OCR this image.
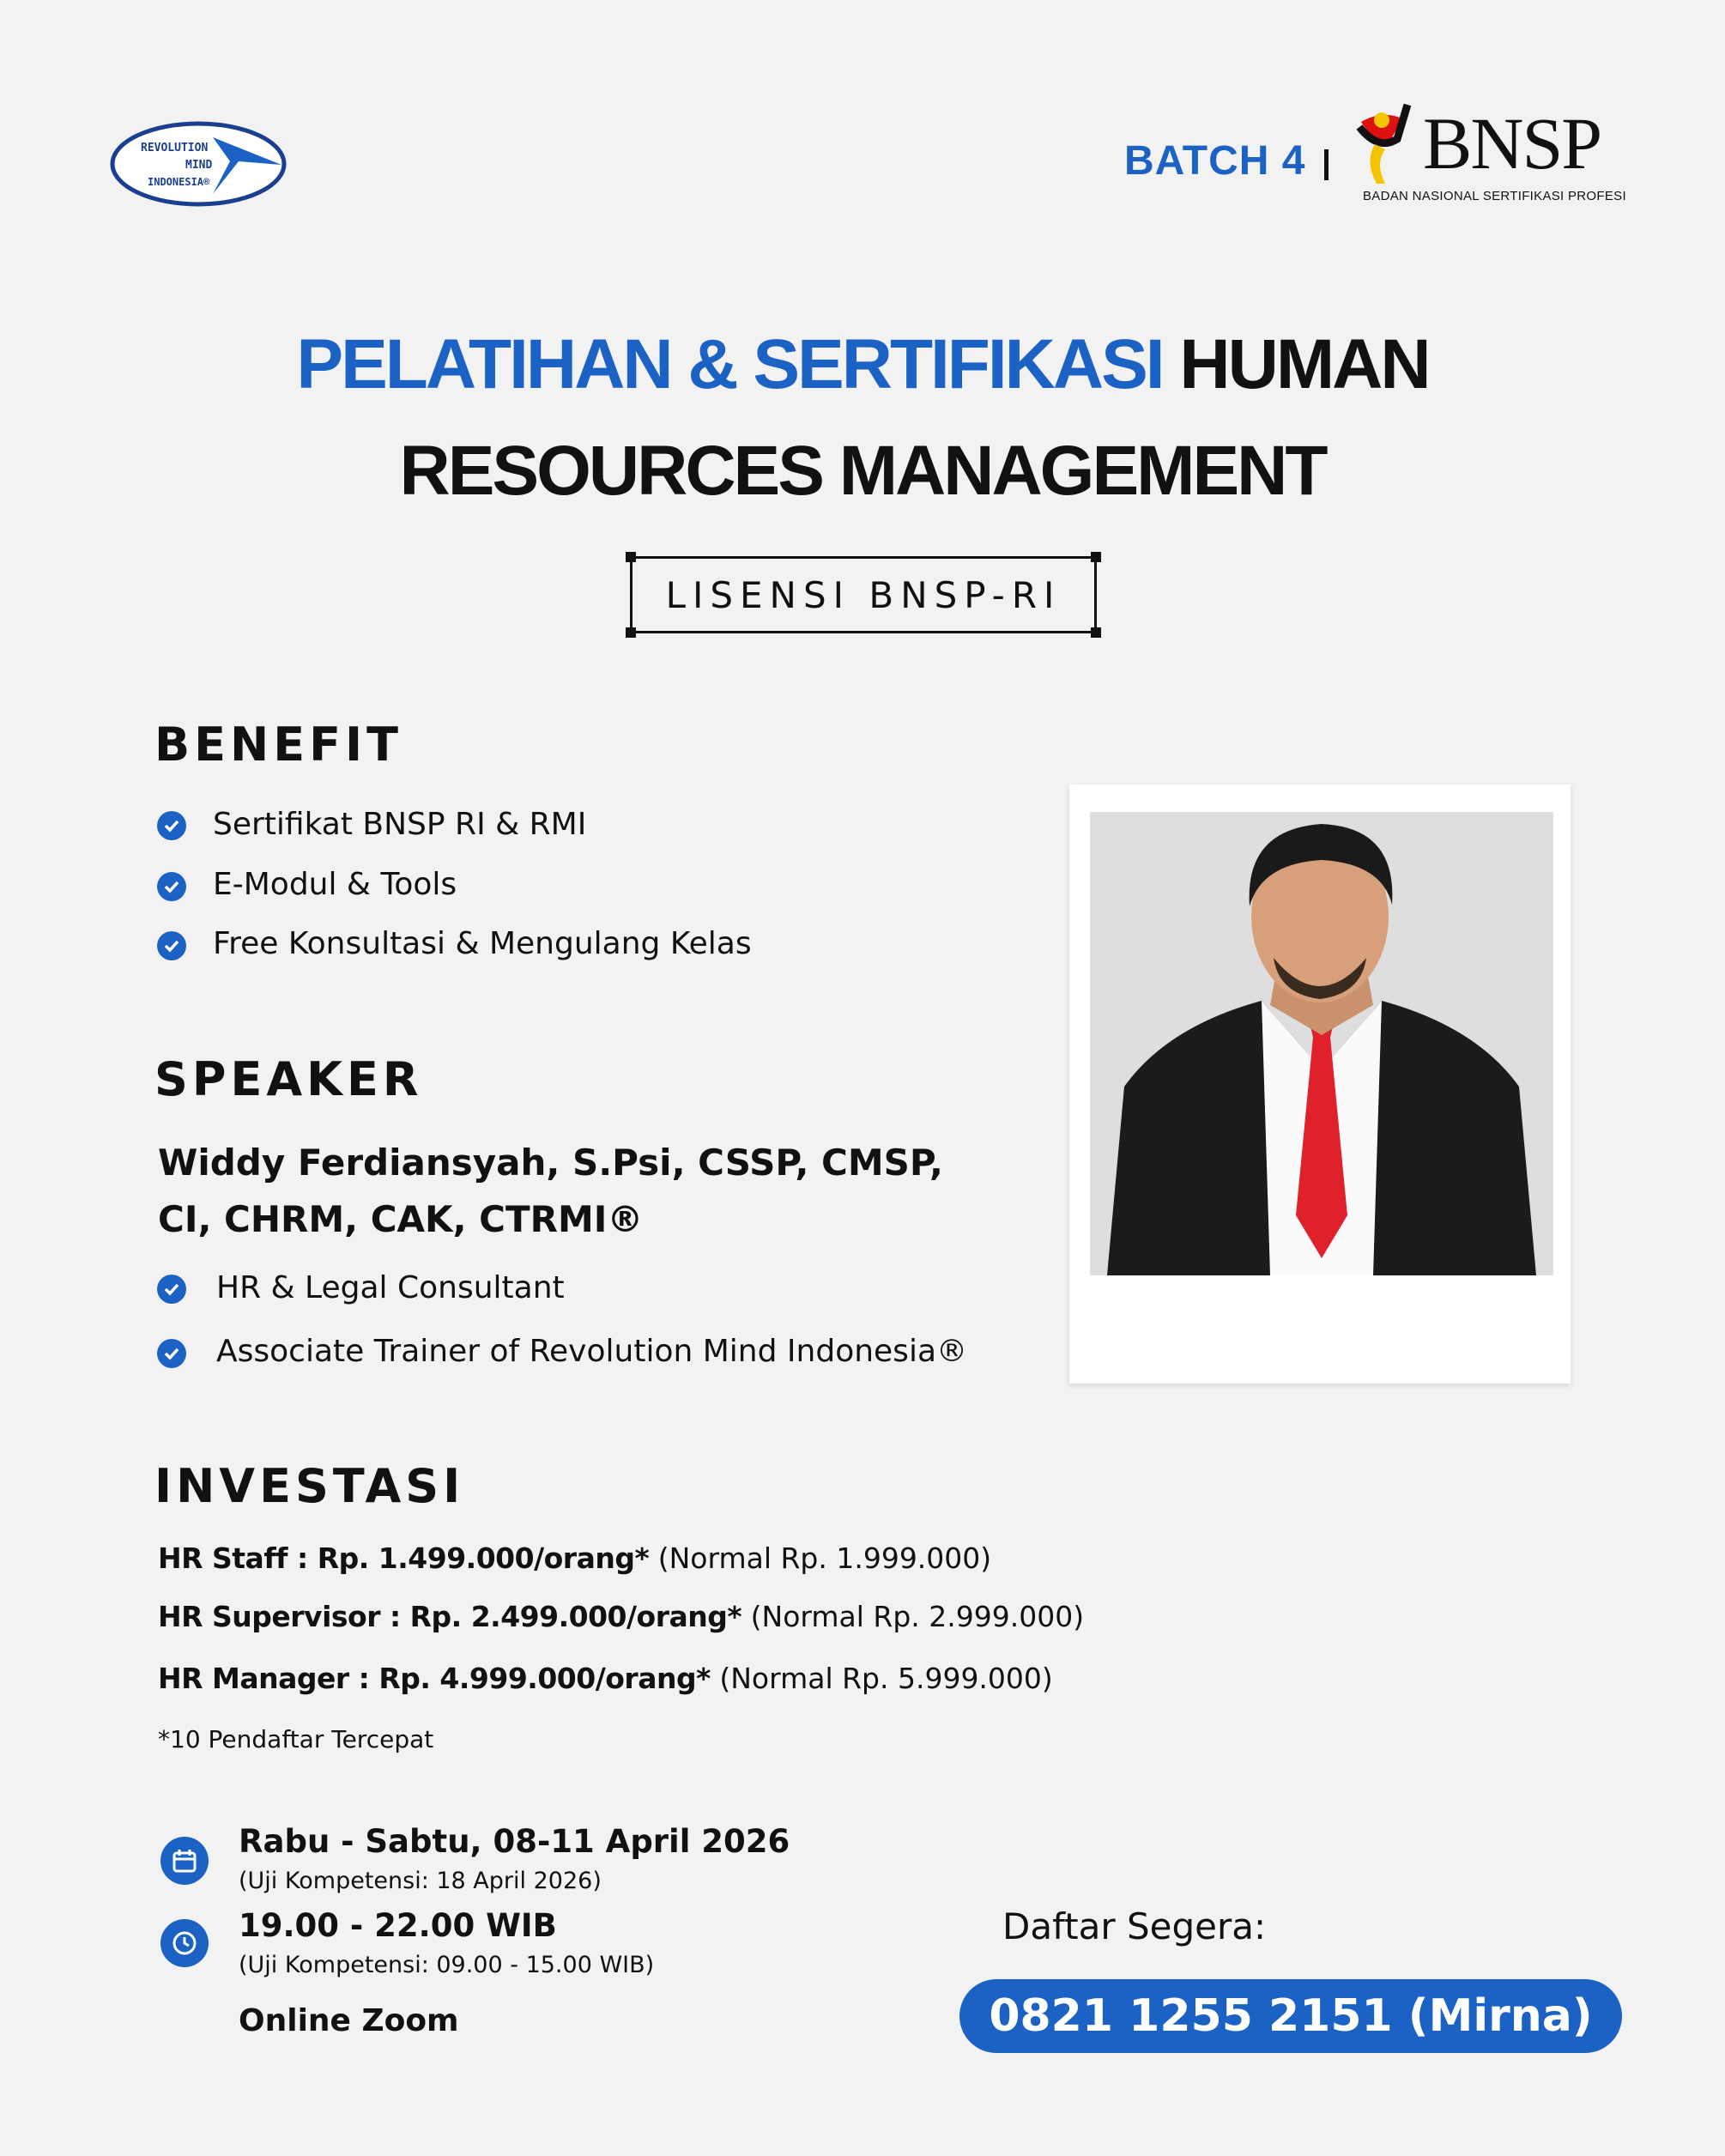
REVOLUTION
MIND
INDONESIA®	BATCH 4 BNSP
BADAN NASIONAL SERTIFIKASI PROFESI
PELATIHAN & SERTIFIKASI HUMAN
RESOURCES MANAGEMENT
LISENSI BNSP-RI
BENEFIT
Sertifikat BNSP RI & RMI
E-Modul & Tools
Free Konsultasi & Mengulang Kelas
SPEAKER
Widdy Ferdiansyah, S.Psi, CSSP, CMSP,
CI, CHRM, CAK, CTRMI®
HR & Legal Consultant
Associate Trainer of Revolution Mind Indonesia®
INVESTASI
HR Staff : Rp. 1.499.000/orang* (Normal Rp. 1.999.000)
HR Supervisor : Rp. 2.499.000/orang* (Normal Rp. 2.999.000)
HR Manager : Rp. 4.999.000/orang* (Normal Rp. 5.999.000)
*10 Pendaftar Tercepat
Rabu - Sabtu, 08-11 April 2026
(Uji Kompetensi: 18 April 2026)
19.00 - 22.00 WIB
(Uji Kompetensi: 09.00 - 15.00 WIB)
Online Zoom
Daftar Segera:
0821 1255 2151 (Mirna)
